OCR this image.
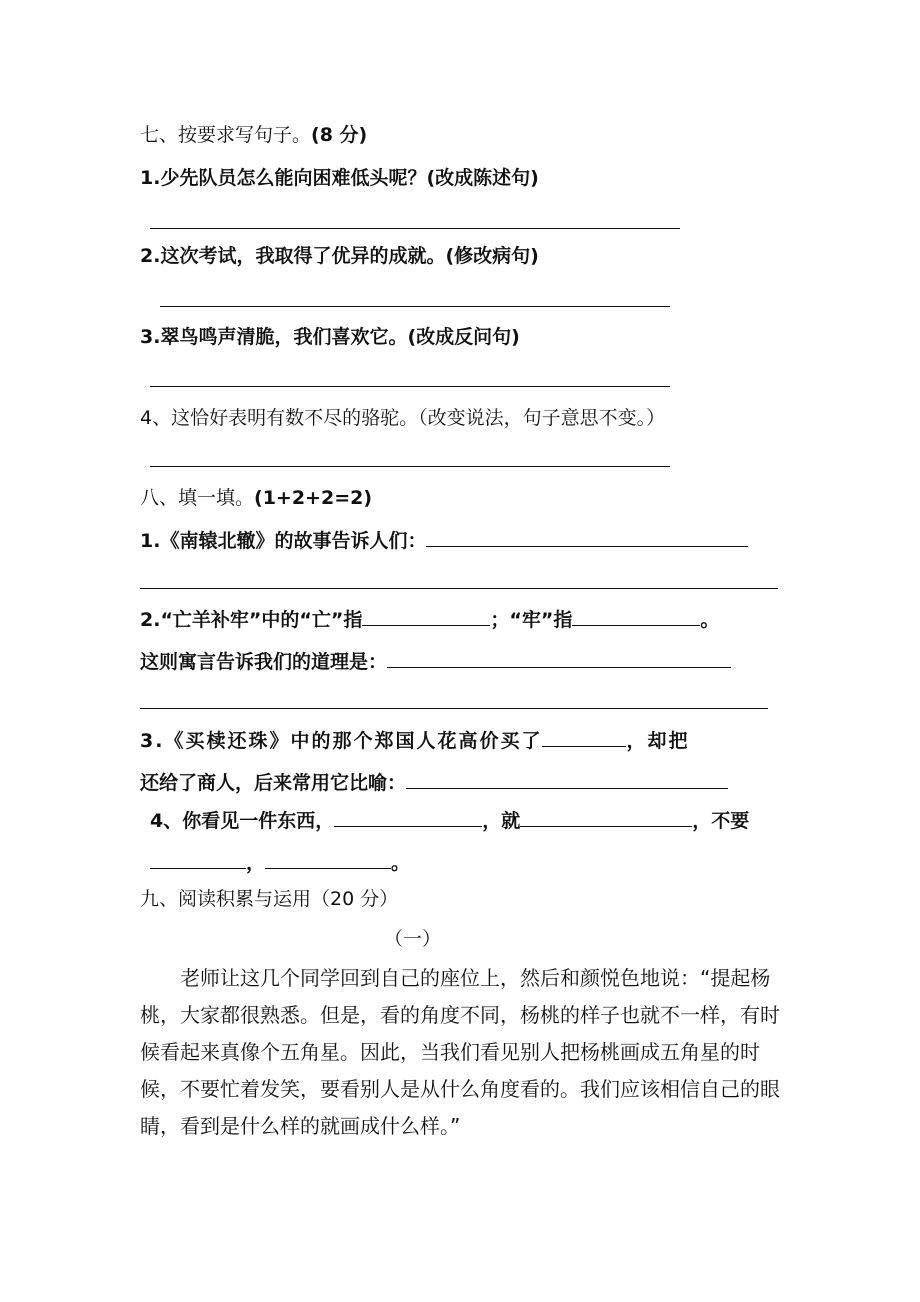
七、按要求写句子。(8 分)
1.少先队员怎么能向困难低头呢？(改成陈述句)
2.这次考试，我取得了优异的成就。(修改病句)
3.翠鸟鸣声清脆，我们喜欢它。(改成反问句)
4、这恰好表明有数不尽的骆驼。（改变说法，句子意思不变。）
八、填一填。(1+2+2=2)
1.《南辕北辙》的故事告诉人们：
2.“亡羊补牢”中的“亡”指	；“牢”指	。
这则寓言告诉我们的道理是：
3.《买椟还珠》中的那个郑国人花高价买了	，却把
还给了商人，后来常用它比喻：
4、你看见一件东西，	，就	，不要
，	。
九、阅读积累与运用（20 分）
（一）

老师让这几个同学回到自己的座位上，然后和颜悦色地说：“提起杨桃，大家都很熟悉。但是，看的角度不同，杨桃的样子也就不一样，有时候看起来真像个五角星。因此，当我们看见别人把杨桃画成五角星的时候，不要忙着发笑，要看别人是从什么角度看的。我们应该相信自己的眼睛，看到是什么样的就画成什么样。”
